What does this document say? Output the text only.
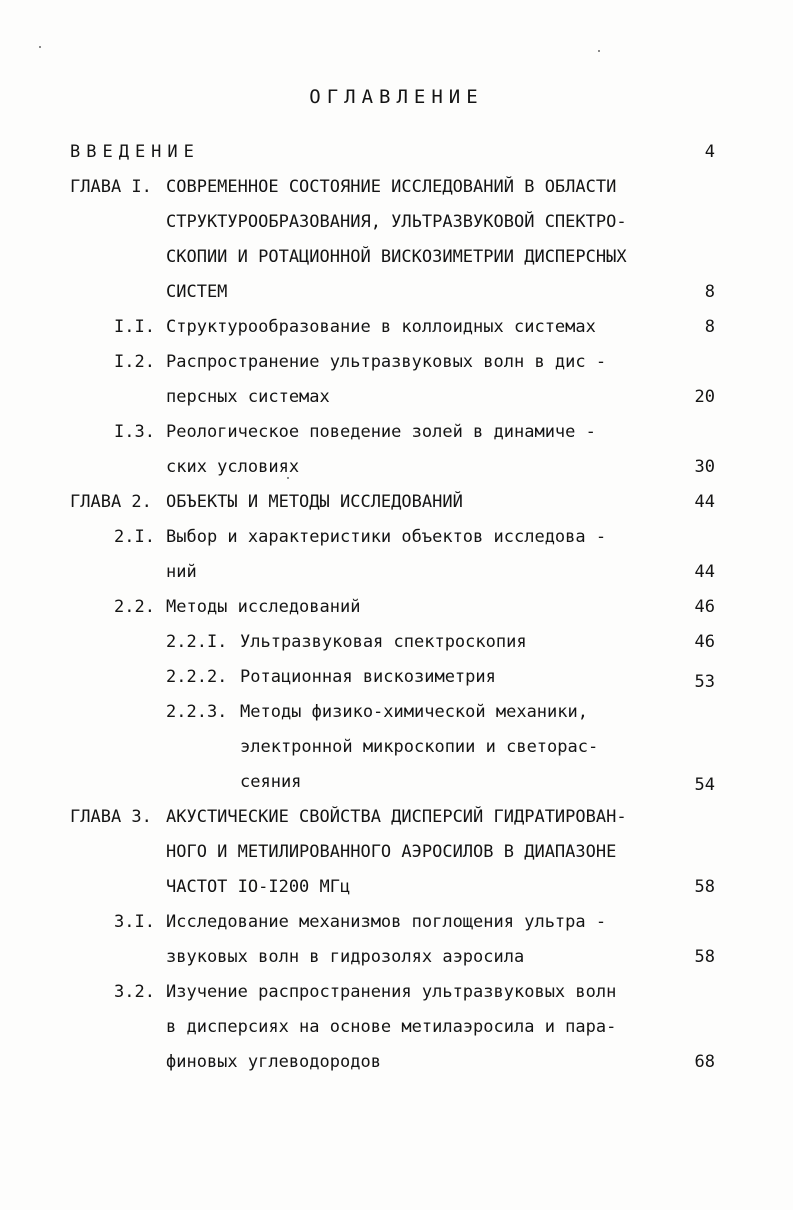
ОГЛАВЛЕНИЕ
ВВЕДЕНИЕ	4
ГЛАВА I. СОВРЕМЕННОЕ СОСТОЯНИЕ ИССЛЕДОВАНИЙ В ОБЛАСТИ
СТРУКТУРООБРАЗОВАНИЯ, УЛЬТРАЗВУКОВОЙ СПЕКТРО-
СКОПИИ И РОТАЦИОННОЙ ВИСКОЗИМЕТРИИ ДИСПЕРСНЫХ
СИСТЕМ	8
I.I. Структурообразование в коллоидных системах	8
I.2. Распространение ультразвуковых волн в дис -
персных системах	20
I.3. Реологическое поведение золей в динамиче -
ских условиях	30
ГЛАВА 2. ОБЪЕКТЫ И МЕТОДЫ ИССЛЕДОВАНИЙ	44
2.I. Выбор и характеристики объектов исследова -
ний	44
2.2. Методы исследований	46
2.2.I. Ультразвуковая спектроскопия	46
2.2.2. Ротационная вискозиметрия	53
2.2.3. Методы физико-химической механики,
электронной микроскопии и светорас-
сеяния	54
ГЛАВА 3. АКУСТИЧЕСКИЕ СВОЙСТВА ДИСПЕРСИЙ ГИДРАТИРОВАН-
НОГО И МЕТИЛИРОВАННОГО АЭРОСИЛОВ В ДИАПАЗОНЕ
ЧАСТОТ IO-I200 МГц	58
3.I. Исследование механизмов поглощения ультра -
звуковых волн в гидрозолях аэросила	58
3.2. Изучение распространения ультразвуковых волн
в дисперсиях на основе метилаэросила и пара-
финовых углеводородов	68
